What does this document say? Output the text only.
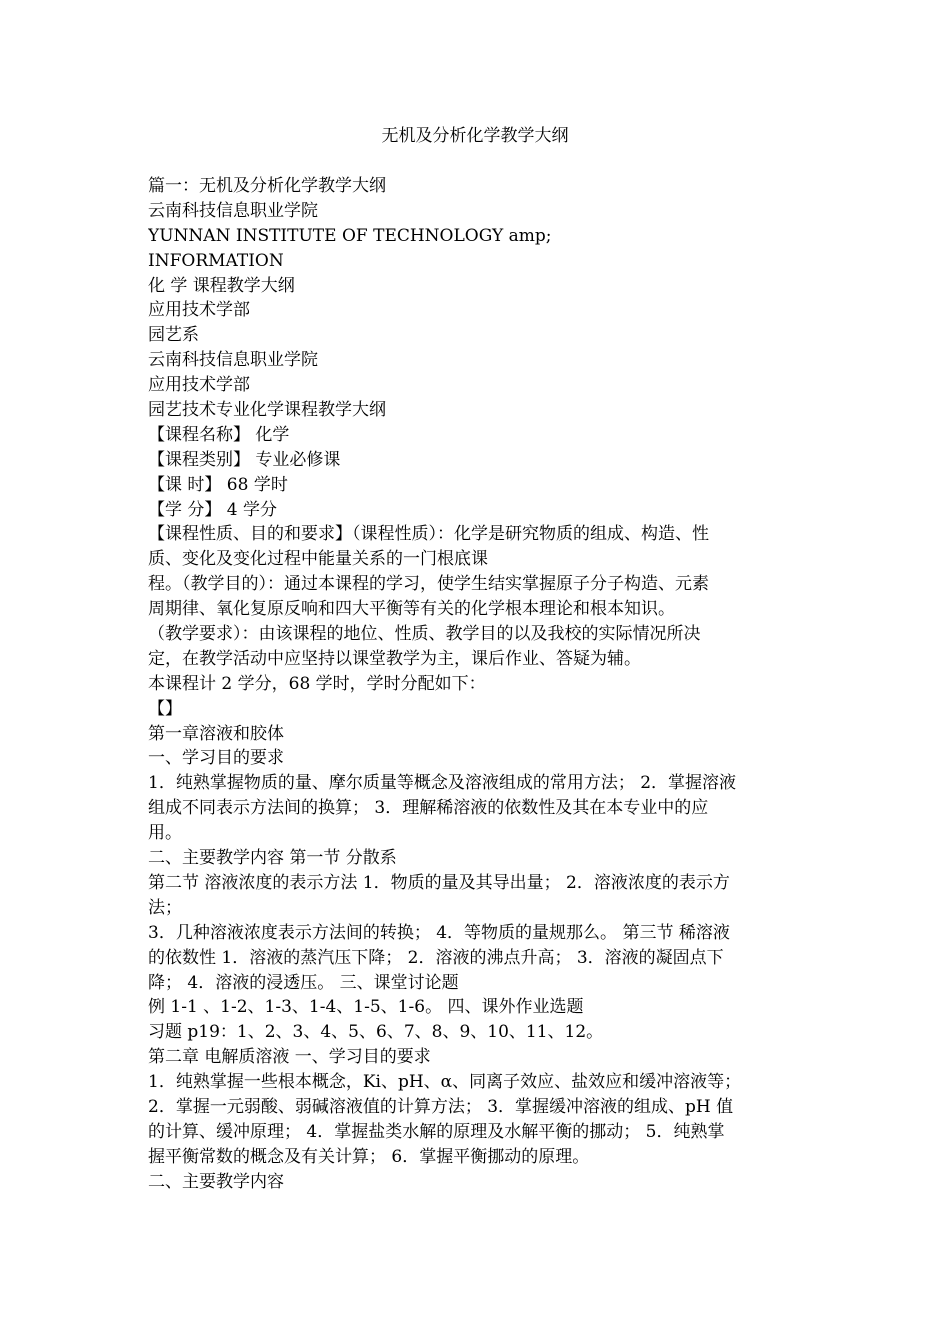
无机及分析化学教学大纲
篇一：无机及分析化学教学大纲
云南科技信息职业学院
YUNNAN INSTITUTE OF TECHNOLOGY amp;
INFORMATION
化 学 课程教学大纲
应用技术学部
园艺系
云南科技信息职业学院
应用技术学部
园艺技术专业化学课程教学大纲
【课程名称】 化学
【课程类别】 专业必修课
【课 时】 68 学时
【学 分】 4 学分
【课程性质、目的和要求】（课程性质）：化学是研究物质的组成、构造、性
质、变化及变化过程中能量关系的一门根底课
程。（教学目的）：通过本课程的学习，使学生结实掌握原子分子构造、元素
周期律、氧化复原反响和四大平衡等有关的化学根本理论和根本知识。
（教学要求）：由该课程的地位、性质、教学目的以及我校的实际情况所决
定，在教学活动中应坚持以课堂教学为主，课后作业、答疑为辅。
本课程计 2 学分，68 学时，学时分配如下：
【】
第一章溶液和胶体
一、学习目的要求
1．纯熟掌握物质的量、摩尔质量等概念及溶液组成的常用方法； 2．掌握溶液
组成不同表示方法间的换算； 3．理解稀溶液的依数性及其在本专业中的应
用。
二、主要教学内容 第一节 分散系
第二节 溶液浓度的表示方法 1．物质的量及其导出量； 2．溶液浓度的表示方
法；
3．几种溶液浓度表示方法间的转换； 4．等物质的量规那么。 第三节 稀溶液
的依数性 1．溶液的蒸汽压下降； 2．溶液的沸点升高； 3．溶液的凝固点下
降； 4．溶液的浸透压。 三、课堂讨论题
例 1-1 、1-2、1-3、1-4、1-5、1-6。 四、课外作业选题
习题 p19：1、2、3、4、5、6、7、8、9、10、11、12。
第二章 电解质溶液 一、学习目的要求
1．纯熟掌握一些根本概念，Ki、pH、α、同离子效应、盐效应和缓冲溶液等；
2．掌握一元弱酸、弱碱溶液值的计算方法； 3．掌握缓冲溶液的组成、pH 值
的计算、缓冲原理； 4．掌握盐类水解的原理及水解平衡的挪动； 5．纯熟掌
握平衡常数的概念及有关计算； 6．掌握平衡挪动的原理。
二、主要教学内容
